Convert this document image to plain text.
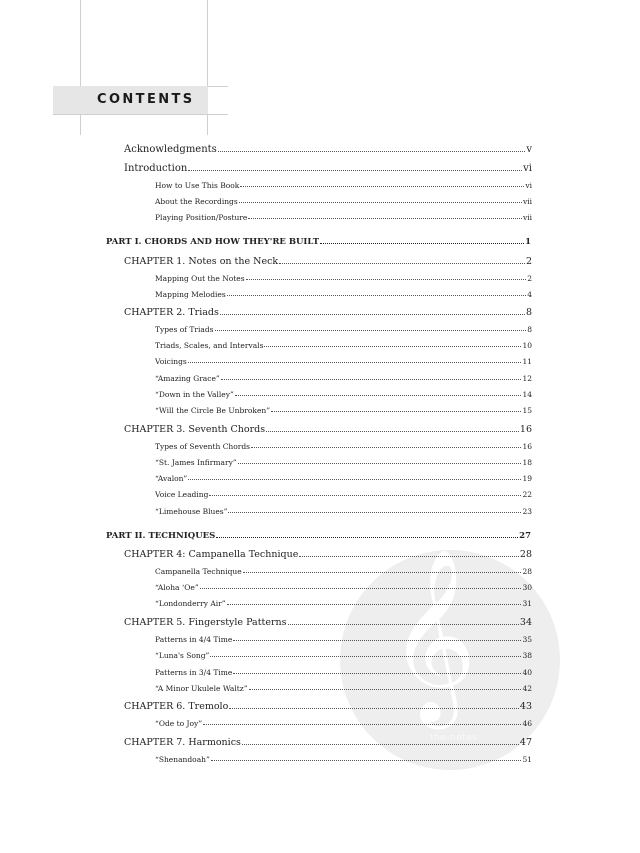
CONTENTS
𝄞
the-notes
Acknowledgments	v
Introduction	vi
How to Use This Book	vi
About the Recordings	vii
Playing Position/Posture	vii
PART I. CHORDS AND HOW THEY'RE BUILT	1
CHAPTER 1. Notes on the Neck	2
Mapping Out the Notes	2
Mapping Melodies	4
CHAPTER 2. Triads	8
Types of Triads	8
Triads, Scales, and Intervals	10
Voicings	11
“Amazing Grace”	12
“Down in the Valley”	14
“Will the Circle Be Unbroken”	15
CHAPTER 3. Seventh Chords	16
Types of Seventh Chords	16
“St. James Infirmary”	18
“Avalon”	19
Voice Leading	22
“Limehouse Blues”	23
PART II. TECHNIQUES	27
CHAPTER 4: Campanella Technique	28
Campanella Technique	28
“Aloha ‘Oe”	30
“Londonderry Air”	31
CHAPTER 5. Fingerstyle Patterns	34
Patterns in 4/4 Time	35
“Luna's Song”	38
Patterns in 3/4 Time	40
“A Minor Ukulele Waltz”	42
CHAPTER 6. Tremolo	43
“Ode to Joy”	46
CHAPTER 7. Harmonics	47
“Shenandoah”	51
